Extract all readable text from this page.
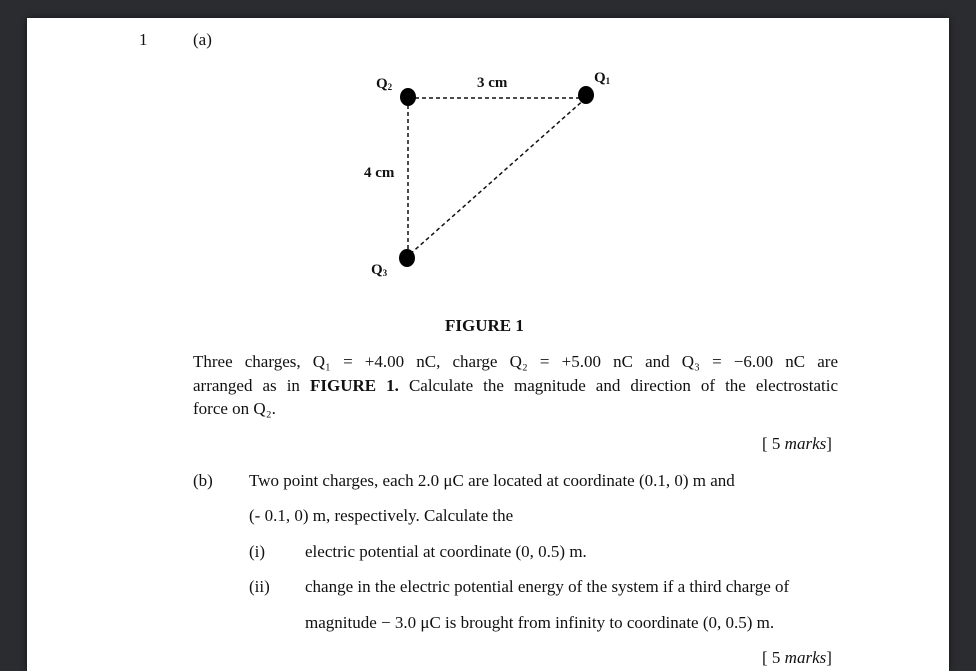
1	(a)
$Q_2$
$Q_1$
$Q_3$
3 cm
4 cm
FIGURE 1
Three charges, Q₁ = +4.00 nC, charge Q₂ = +5.00 nC and Q₃ = −6.00 nC are
arranged as in FIGURE 1. Calculate the magnitude and direction of the electrostatic
force on Q₂.
[ 5 marks]
(b) Two point charges, each 2.0 μC are located at coordinate (0.1, 0) m and
(- 0.1, 0) m, respectively. Calculate the
(i) electric potential at coordinate (0, 0.5) m.
(ii) change in the electric potential energy of the system if a third charge of
magnitude − 3.0 μC is brought from infinity to coordinate (0, 0.5) m.
[ 5 marks]
